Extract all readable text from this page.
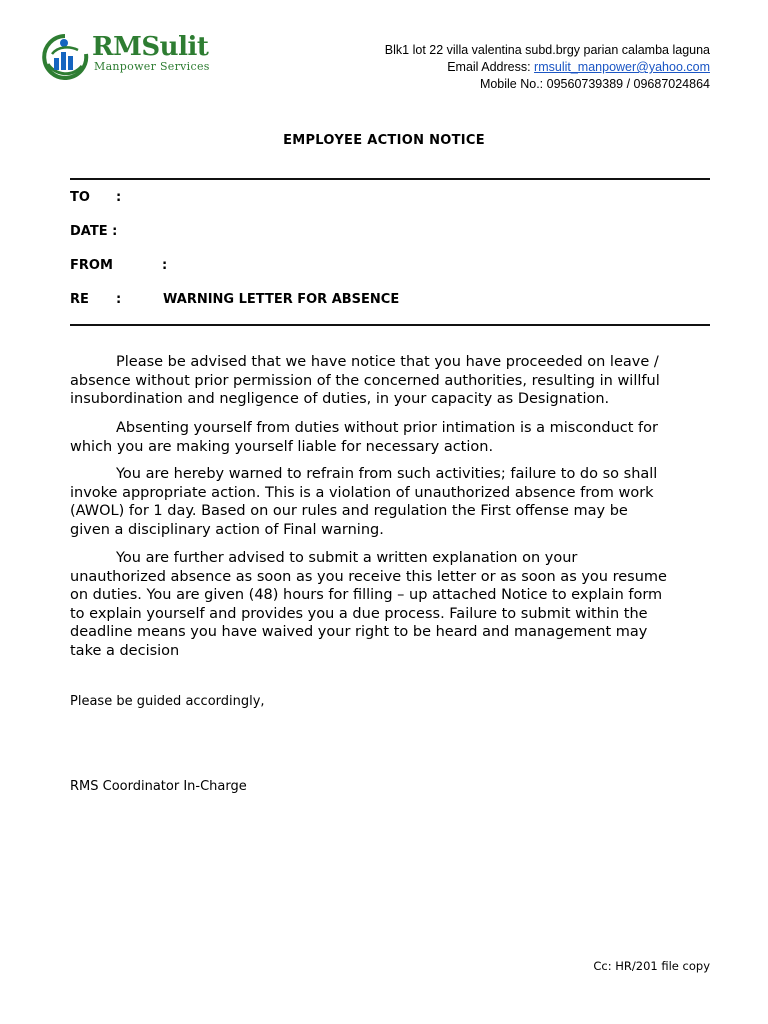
RMSulit
Manpower Services
Blk1 lot 22 villa valentina subd.brgy parian calamba laguna
Email Address: rmsulit_manpower@yahoo.com
Mobile No.: 09560739389 / 09687024864
EMPLOYEE ACTION NOTICE
TO :
DATE :
FROM	:
RE :	WARNING LETTER FOR ABSENCE
Please be advised that we have notice that you have proceeded on leave /
absence without prior permission of the concerned authorities, resulting in willful
insubordination and negligence of duties, in your capacity as Designation.
Absenting yourself from duties without prior intimation is a misconduct for
which you are making yourself liable for necessary action.
You are hereby warned to refrain from such activities; failure to do so shall
invoke appropriate action. This is a violation of unauthorized absence from work
(AWOL) for 1 day. Based on our rules and regulation the First offense may be
given a disciplinary action of Final warning.
You are further advised to submit a written explanation on your
unauthorized absence as soon as you receive this letter or as soon as you resume
on duties. You are given (48) hours for filling – up attached Notice to explain form
to explain yourself and provides you a due process. Failure to submit within the
deadline means you have waived your right to be heard and management may
take a decision
Please be guided accordingly,
RMS Coordinator In-Charge
Cc: HR/201 file copy
